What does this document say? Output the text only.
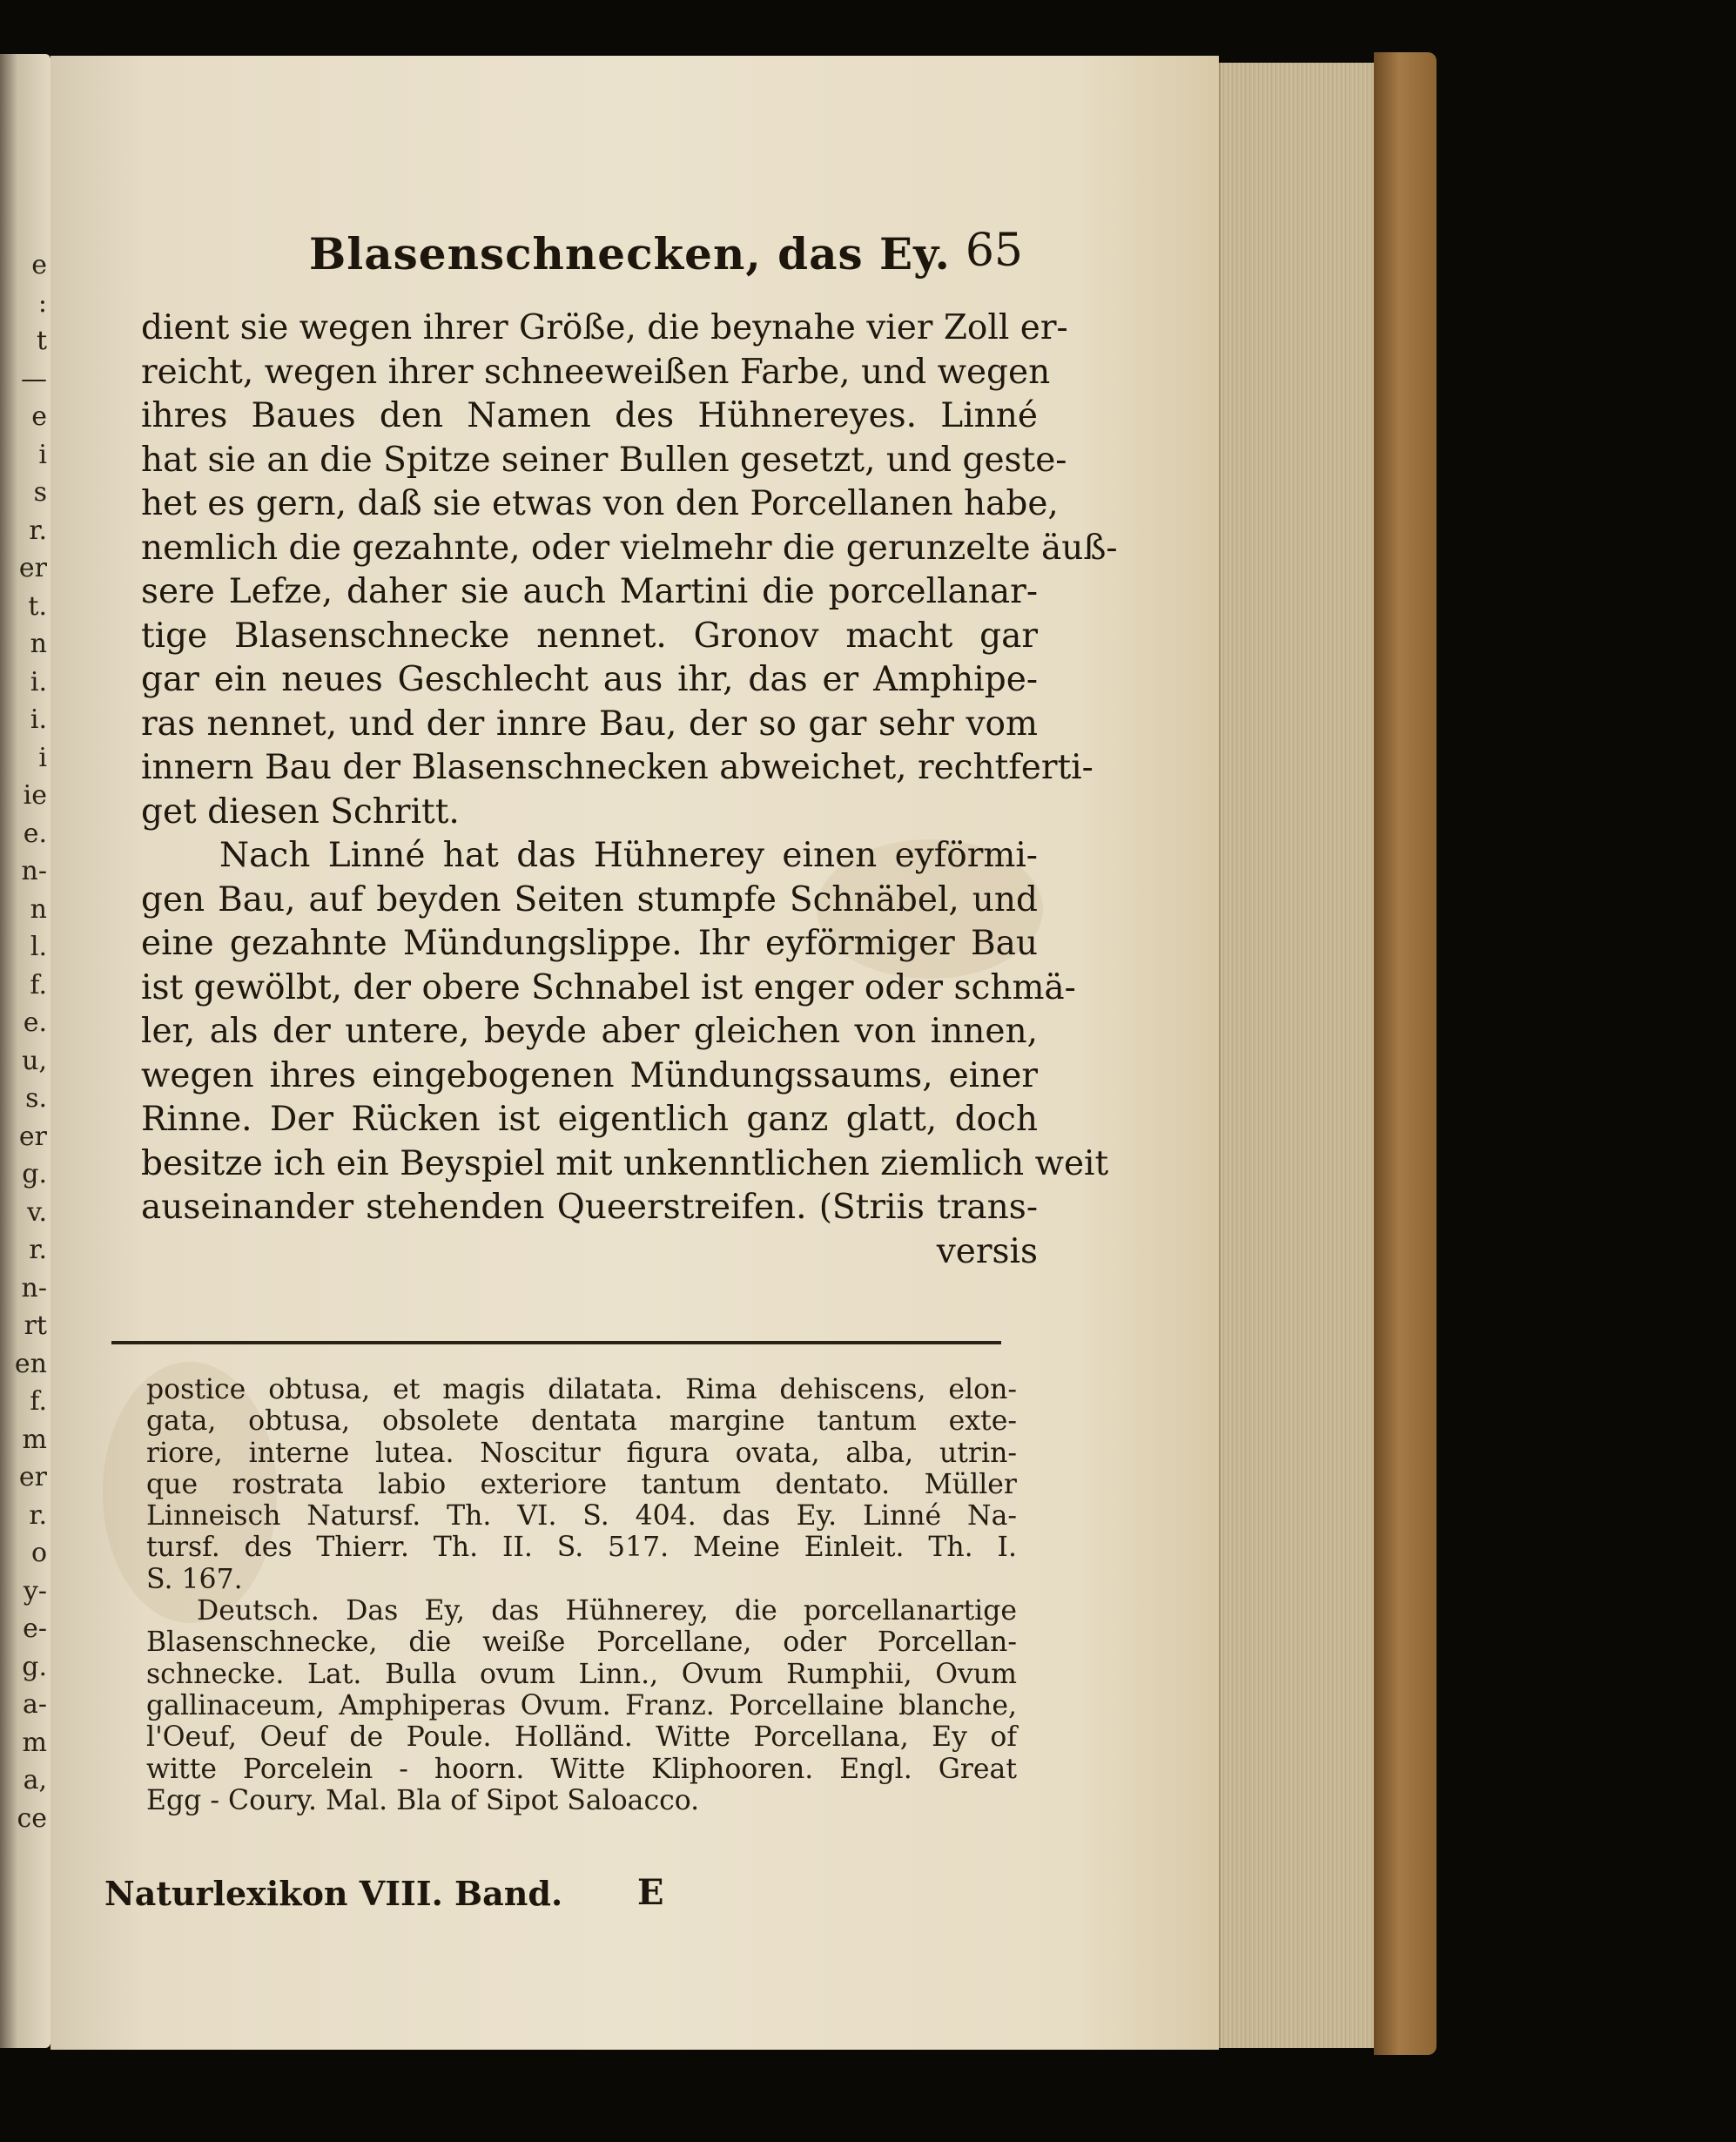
e
:
t
—
e
i
s
r.
er
t.
n
i.
i.
i
ie
e.
n-
n
l.
f.
e.
u,
s.
er
g.
v.
r.
n-
rt
en
f.
m
er
r.
o
y-
e-
g.
a-
m
a,
ce
Blasenschnecken, das Ey. 65
dient sie wegen ihrer Größe, die beynahe vier Zoll er-
reicht, wegen ihrer schneeweißen Farbe, und wegen
ihres Baues den Namen des Hühnereyes. Linné
hat sie an die Spitze seiner Bullen gesetzt, und geste-
het es gern, daß sie etwas von den Porcellanen habe,
nemlich die gezahnte, oder vielmehr die gerunzelte äuß-
sere Lefze, daher sie auch Martini die porcellanar-
tige Blasenschnecke nennet. Gronov macht gar
gar ein neues Geschlecht aus ihr, das er Amphipe-
ras nennet, und der innre Bau, der so gar sehr vom
innern Bau der Blasenschnecken abweichet, rechtferti-
get diesen Schritt.
Nach Linné hat das Hühnerey einen eyförmi-
gen Bau, auf beyden Seiten stumpfe Schnäbel, und
eine gezahnte Mündungslippe. Ihr eyförmiger Bau
ist gewölbt, der obere Schnabel ist enger oder schmä-
ler, als der untere, beyde aber gleichen von innen,
wegen ihres eingebogenen Mündungssaums, einer
Rinne. Der Rücken ist eigentlich ganz glatt, doch
besitze ich ein Beyspiel mit unkenntlichen ziemlich weit
auseinander stehenden Queerstreifen. (Striis trans-
versis
postice obtusa, et magis dilatata. Rima dehiscens, elon-
gata, obtusa, obsolete dentata margine tantum exte-
riore, interne lutea. Noscitur figura ovata, alba, utrin-
que rostrata labio exteriore tantum dentato. Müller
Linneisch Natursf. Th. VI. S. 404. das Ey. Linné Na-
tursf. des Thierr. Th. II. S. 517. Meine Einleit. Th. I.
S. 167.
Deutsch. Das Ey, das Hühnerey, die porcellanartige
Blasenschnecke, die weiße Porcellane, oder Porcellan-
schnecke. Lat. Bulla ovum Linn., Ovum Rumphii, Ovum
gallinaceum, Amphiperas Ovum. Franz. Porcellaine blanche,
l'Oeuf, Oeuf de Poule. Holländ. Witte Porcellana, Ey of
witte Porcelein - hoorn. Witte Kliphooren. Engl. Great
Egg - Coury. Mal. Bla of Sipot Saloacco.
Naturlexikon VIII. Band. E
